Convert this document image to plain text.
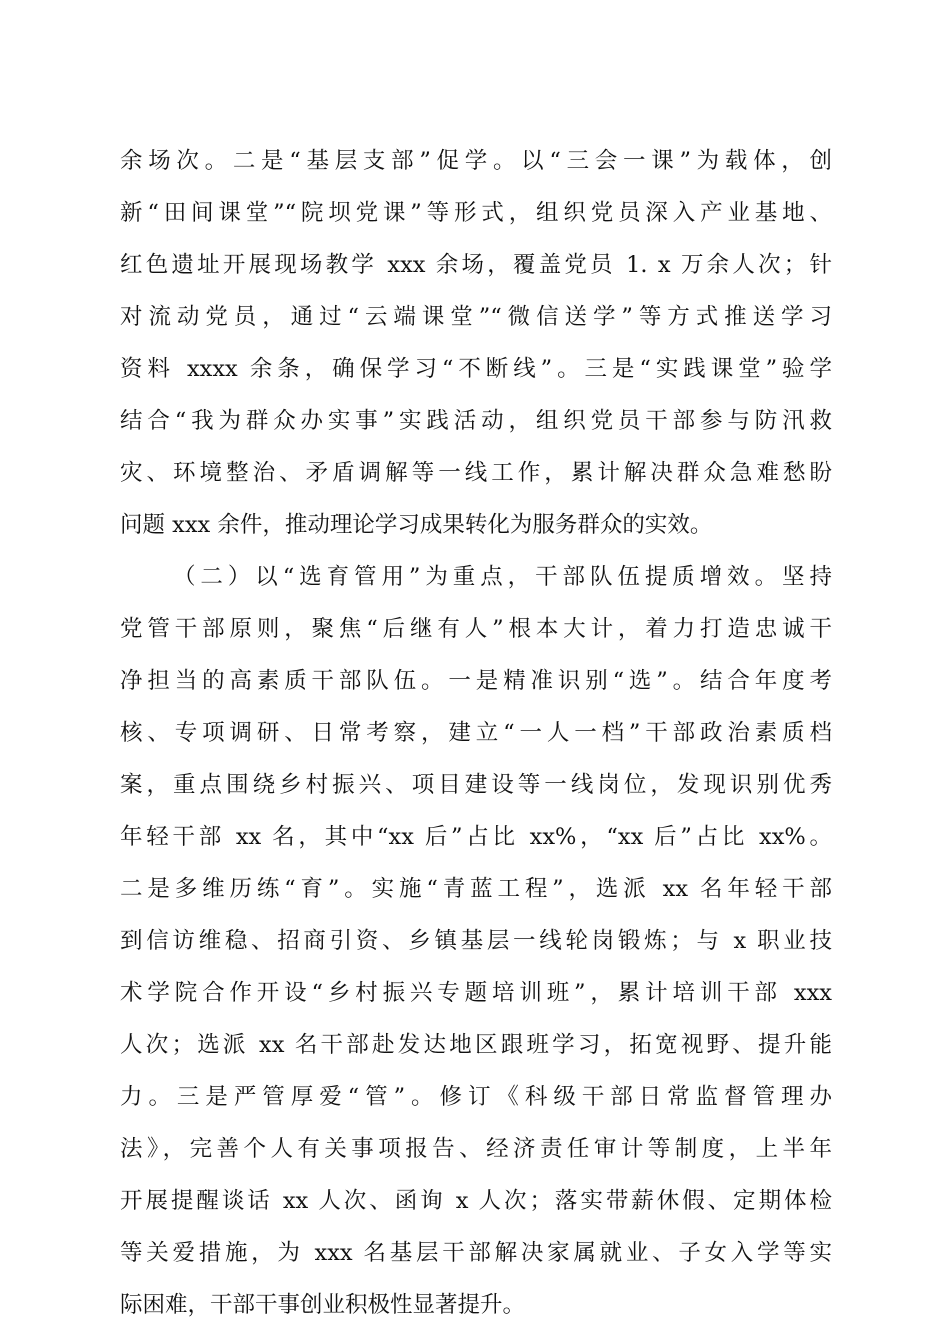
余场次。二是“基层支部”促学。以“三会一课”为载体，创
新“田间课堂”“院坝党课”等形式，组织党员深入产业基地、
红色遗址开展现场教学 xxx 余场，覆盖党员 1. x 万余人次；针
对流动党员，通过“云端课堂”“微信送学”等方式推送学习
资料 xxxx 余条，确保学习“不断线”。三是“实践课堂”验学
结合“我为群众办实事”实践活动，组织党员干部参与防汛救
灾、环境整治、矛盾调解等一线工作，累计解决群众急难愁盼
问题 xxx 余件，推动理论学习成果转化为服务群众的实效。
（二）以“选育管用”为重点，干部队伍提质增效。坚持
党管干部原则，聚焦“后继有人”根本大计，着力打造忠诚干
净担当的高素质干部队伍。一是精准识别“选”。结合年度考
核、专项调研、日常考察，建立“一人一档”干部政治素质档
案，重点围绕乡村振兴、项目建设等一线岗位，发现识别优秀
年轻干部 xx 名，其中“xx 后”占比 xx%，“xx 后”占比 xx%。
二是多维历练“育”。实施“青蓝工程”，选派 xx 名年轻干部
到信访维稳、招商引资、乡镇基层一线轮岗锻炼；与 x 职业技
术学院合作开设“乡村振兴专题培训班”，累计培训干部 xxx
人次；选派 xx 名干部赴发达地区跟班学习，拓宽视野、提升能
力。三是严管厚爱“管”。修订《科级干部日常监督管理办
法》，完善个人有关事项报告、经济责任审计等制度，上半年
开展提醒谈话 xx 人次、函询 x 人次；落实带薪休假、定期体检
等关爱措施，为 xxx 名基层干部解决家属就业、子女入学等实
际困难，干部干事创业积极性显著提升。
